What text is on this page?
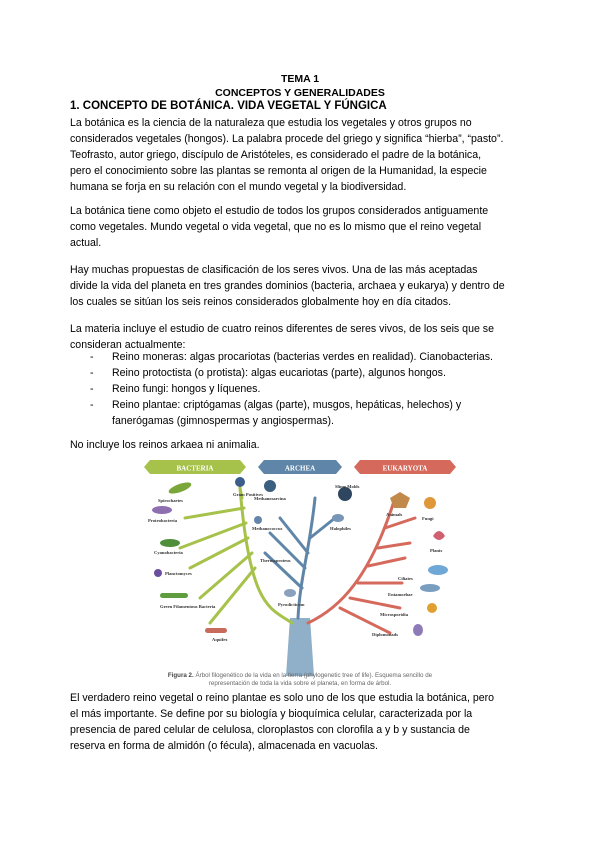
TEMA 1
CONCEPTOS Y GENERALIDADES
1. CONCEPTO DE BOTÁNICA. VIDA VEGETAL Y FÚNGICA
La botánica es la ciencia de la naturaleza que estudia los vegetales y otros grupos no
considerados vegetales (hongos). La palabra procede del griego y significa “hierba”, “pasto”.
Teofrasto, autor griego, discípulo de Aristóteles, es considerado el padre de la botánica,
pero el conocimiento sobre las plantas se remonta al origen de la Humanidad, la especie
humana se forja en su relación con el mundo vegetal y la biodiversidad.
La botánica tiene como objeto el estudio de todos los grupos considerados antiguamente
como vegetales. Mundo vegetal o vida vegetal, que no es lo mismo que el reino vegetal
actual.
Hay muchas propuestas de clasificación de los seres vivos. Una de las más aceptadas
divide la vida del planeta en tres grandes dominios (bacteria, archaea y eukarya) y dentro de
los cuales se sitúan los seis reinos considerados globalmente hoy en día citados.
La materia incluye el estudio de cuatro reinos diferentes de seres vivos, de los seis que se
consideran actualmente:
- Reino moneras: algas procariotas (bacterias verdes en realidad). Cianobacterias.
- Reino protoctista (o protista): algas eucariotas (parte), algunos hongos.
- Reino fungi: hongos y líquenes.
- Reino plantae: criptógamas (algas (parte), musgos, hepáticas, helechos) y
fanerógamas (gimnospermas y angiospermas).
No incluye los reinos arkaea ni animalia.
BACTERIA	ARCHEA	EUKARYOTA
Gram Positives
Spirochaetes
Proteobacteria
Cyanobacteria
Planctomyces
Green Filamentous Bacteria
Aquifex
Methanosarcina
Methanococcus	Halophiles
Thermoproteus
Pyrodicticum
Slime Molds
Animals
Fungi
Plants
Ciliates
Entamoebae
Microsporidia
Diplomonads
Figura 2. Árbol filogenético de la vida en la tierra (phylogenetic tree of life). Esquema sencillo de
representación de toda la vida sobre el planeta, en forma de árbol.
El verdadero reino vegetal o reino plantae es solo uno de los que estudia la botánica, pero
el más importante. Se define por su biología y bioquímica celular, caracterizada por la
presencia de pared celular de celulosa, cloroplastos con clorofila a y b y sustancia de
reserva en forma de almidón (o fécula), almacenada en vacuolas.
